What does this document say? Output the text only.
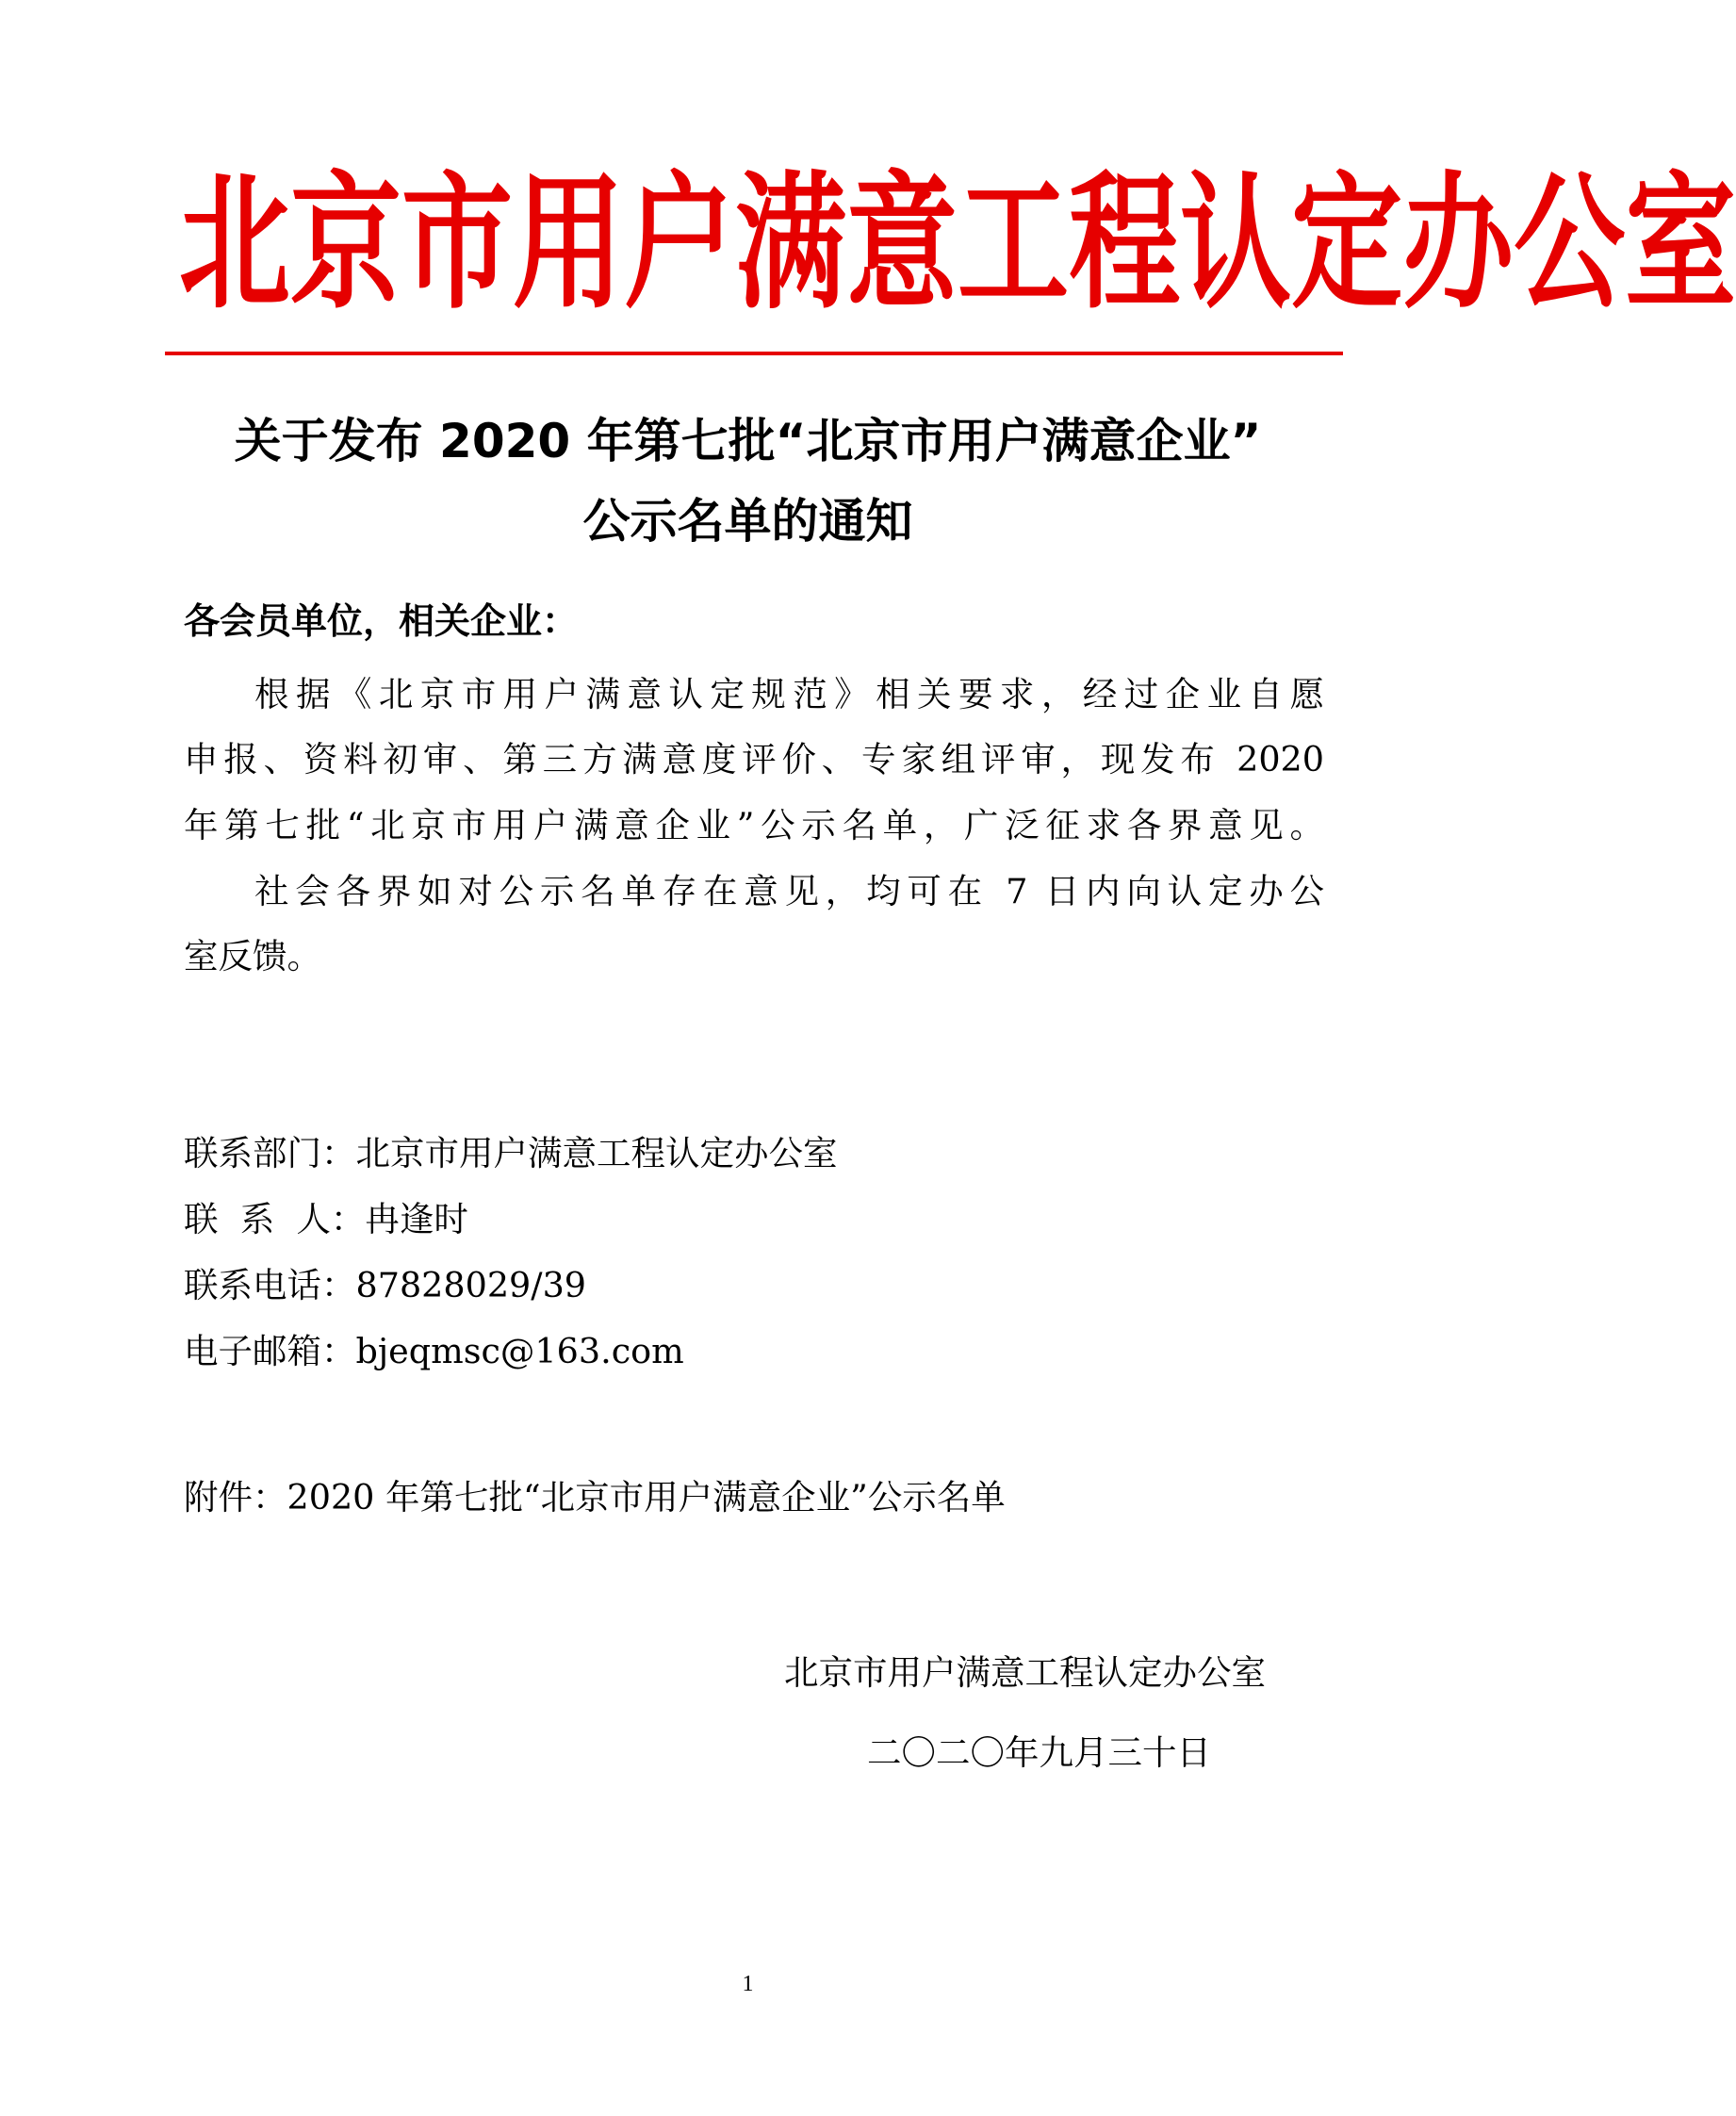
北 京 市 用 户 满 意 工 程 认 定 办 公 室
关于发布 2020 年第七批“北京市用户满意企业”
公示名单的通知
各会员单位，相关企业：
根据《北京市用户满意认定规范》相关要求，经过企业自愿
申报、资料初审、第三方满意度评价、专家组评审，现发布 2020
年第七批“北京市用户满意企业”公示名单，广泛征求各界意见。
社会各界如对公示名单存在意见，均可在 7 日内向认定办公
室反馈。
联系部门：北京市用户满意工程认定办公室
联  系  人：冉逢时
联系电话：87828029/39
电子邮箱：bjeqmsc@163.com
附件：2020 年第七批“北京市用户满意企业”公示名单
北京市用户满意工程认定办公室
二〇二〇年九月三十日
1
